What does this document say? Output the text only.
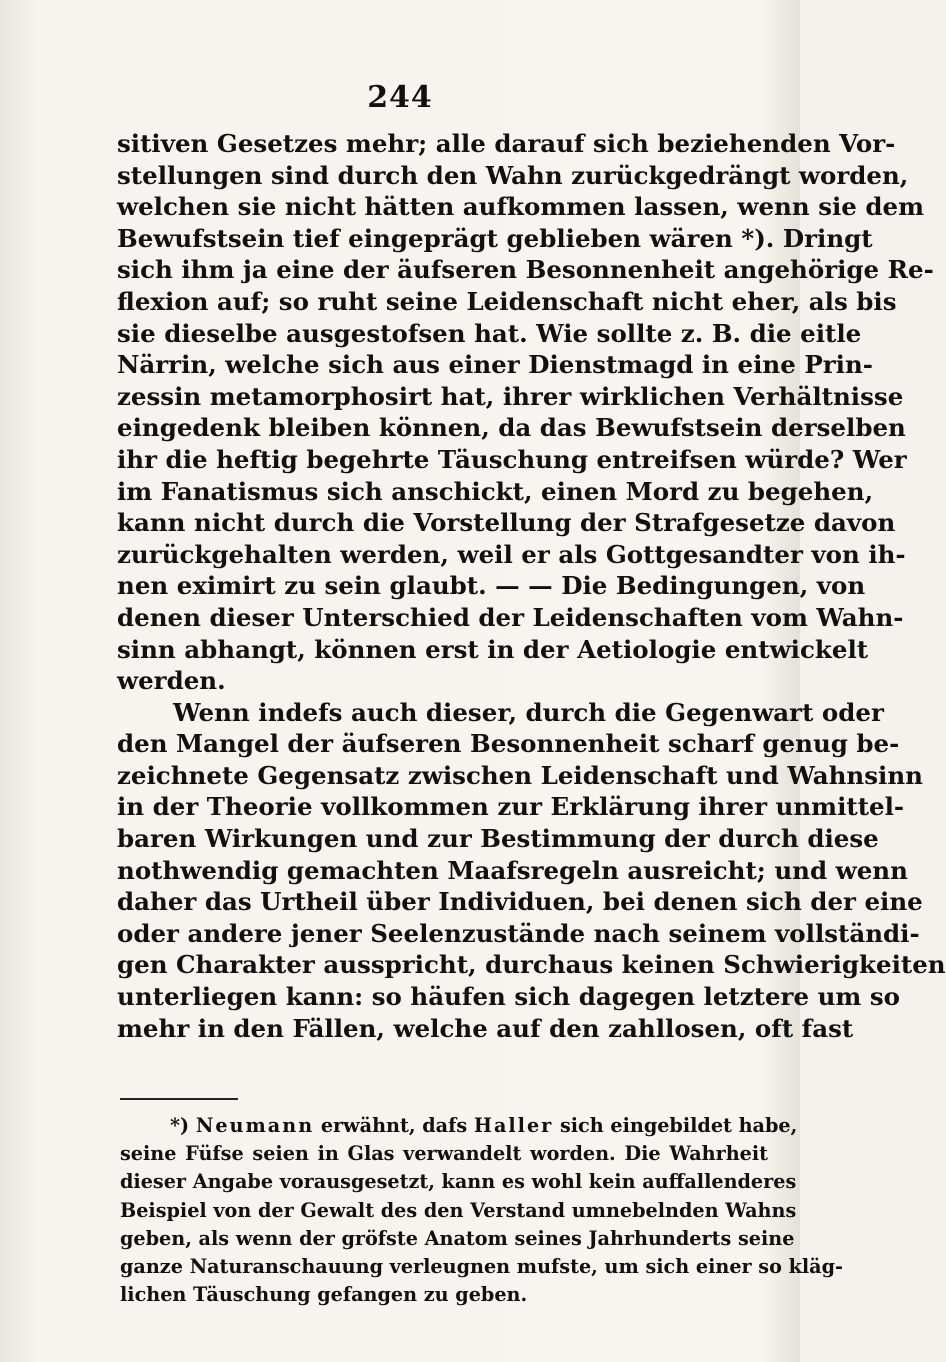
244
sitiven Gesetzes mehr; alle darauf sich beziehenden Vor-
stellungen sind durch den Wahn zurückgedrängt worden,
welchen sie nicht hätten aufkommen lassen, wenn sie dem
Bewufstsein tief eingeprägt geblieben wären *). Dringt
sich ihm ja eine der äufseren Besonnenheit angehörige Re-
flexion auf; so ruht seine Leidenschaft nicht eher, als bis
sie dieselbe ausgestofsen hat. Wie sollte z. B. die eitle
Närrin, welche sich aus einer Dienstmagd in eine Prin-
zessin metamorphosirt hat, ihrer wirklichen Verhältnisse
eingedenk bleiben können, da das Bewufstsein derselben
ihr die heftig begehrte Täuschung entreifsen würde? Wer
im Fanatismus sich anschickt, einen Mord zu begehen,
kann nicht durch die Vorstellung der Strafgesetze davon
zurückgehalten werden, weil er als Gottgesandter von ih-
nen eximirt zu sein glaubt. — — Die Bedingungen, von
denen dieser Unterschied der Leidenschaften vom Wahn-
sinn abhangt, können erst in der Aetiologie entwickelt
werden.
Wenn indefs auch dieser, durch die Gegenwart oder
den Mangel der äufseren Besonnenheit scharf genug be-
zeichnete Gegensatz zwischen Leidenschaft und Wahnsinn
in der Theorie vollkommen zur Erklärung ihrer unmittel-
baren Wirkungen und zur Bestimmung der durch diese
nothwendig gemachten Maafsregeln ausreicht; und wenn
daher das Urtheil über Individuen, bei denen sich der eine
oder andere jener Seelenzustände nach seinem vollständi-
gen Charakter ausspricht, durchaus keinen Schwierigkeiten
unterliegen kann: so häufen sich dagegen letztere um so
mehr in den Fällen, welche auf den zahllosen, oft fast
*) Neumann erwähnt, dafs Haller sich eingebildet habe,
seine Füfse seien in Glas verwandelt worden. Die Wahrheit
dieser Angabe vorausgesetzt, kann es wohl kein auffallenderes
Beispiel von der Gewalt des den Verstand umnebelnden Wahns
geben, als wenn der gröfste Anatom seines Jahrhunderts seine
ganze Naturanschauung verleugnen mufste, um sich einer so kläg-
lichen Täuschung gefangen zu geben.
